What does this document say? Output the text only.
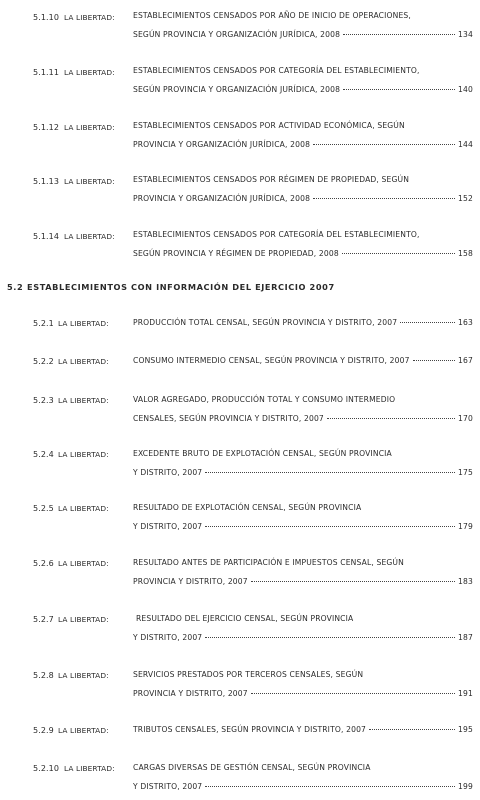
5.1.10 LA LIBERTAD: ESTABLECIMIENTOS CENSADOS POR AÑO DE INICIO DE OPERACIONES,
SEGÚN PROVINCIA Y ORGANIZACIÓN JURÍDICA, 2008	134
5.1.11 LA LIBERTAD: ESTABLECIMIENTOS CENSADOS POR CATEGORÍA DEL ESTABLECIMIENTO,
SEGÚN PROVINCIA Y ORGANIZACIÓN JURÍDICA, 2008	140
5.1.12 LA LIBERTAD: ESTABLECIMIENTOS CENSADOS POR ACTIVIDAD ECONÓMICA, SEGÚN
PROVINCIA Y ORGANIZACIÓN JURÍDICA, 2008	144
5.1.13 LA LIBERTAD: ESTABLECIMIENTOS CENSADOS POR RÉGIMEN DE PROPIEDAD, SEGÚN
PROVINCIA Y ORGANIZACIÓN JURÍDICA, 2008	152
5.1.14 LA LIBERTAD: ESTABLECIMIENTOS CENSADOS POR CATEGORÍA DEL ESTABLECIMIENTO,
SEGÚN PROVINCIA Y RÉGIMEN DE PROPIEDAD, 2008	158
5.2 ESTABLECIMIENTOS CON INFORMACIÓN DEL EJERCICIO 2007
5.2.1 LA LIBERTAD:	PRODUCCIÓN TOTAL CENSAL, SEGÚN PROVINCIA Y DISTRITO, 2007	163
5.2.2 LA LIBERTAD:	CONSUMO INTERMEDIO CENSAL, SEGÚN PROVINCIA Y DISTRITO, 2007	167
5.2.3 LA LIBERTAD:	VALOR AGREGADO, PRODUCCIÓN TOTAL Y CONSUMO INTERMEDIO
CENSALES, SEGÚN PROVINCIA Y DISTRITO, 2007	170
5.2.4 LA LIBERTAD:	EXCEDENTE BRUTO DE EXPLOTACIÓN CENSAL, SEGÚN PROVINCIA
Y DISTRITO, 2007	175
5.2.5 LA LIBERTAD:	RESULTADO DE EXPLOTACIÓN CENSAL, SEGÚN PROVINCIA
Y DISTRITO, 2007	179
5.2.6 LA LIBERTAD:	RESULTADO ANTES DE PARTICIPACIÓN E IMPUESTOS CENSAL, SEGÚN
PROVINCIA Y DISTRITO, 2007	183
5.2.7 LA LIBERTAD:	RESULTADO DEL EJERCICIO CENSAL, SEGÚN PROVINCIA
Y DISTRITO, 2007	187
5.2.8 LA LIBERTAD:	SERVICIOS PRESTADOS POR TERCEROS CENSALES, SEGÚN
PROVINCIA Y DISTRITO, 2007	191
5.2.9 LA LIBERTAD:	TRIBUTOS CENSALES, SEGÚN PROVINCIA Y DISTRITO, 2007	195
5.2.10 LA LIBERTAD: CARGAS DIVERSAS DE GESTIÓN CENSAL, SEGÚN PROVINCIA
Y DISTRITO, 2007	199
